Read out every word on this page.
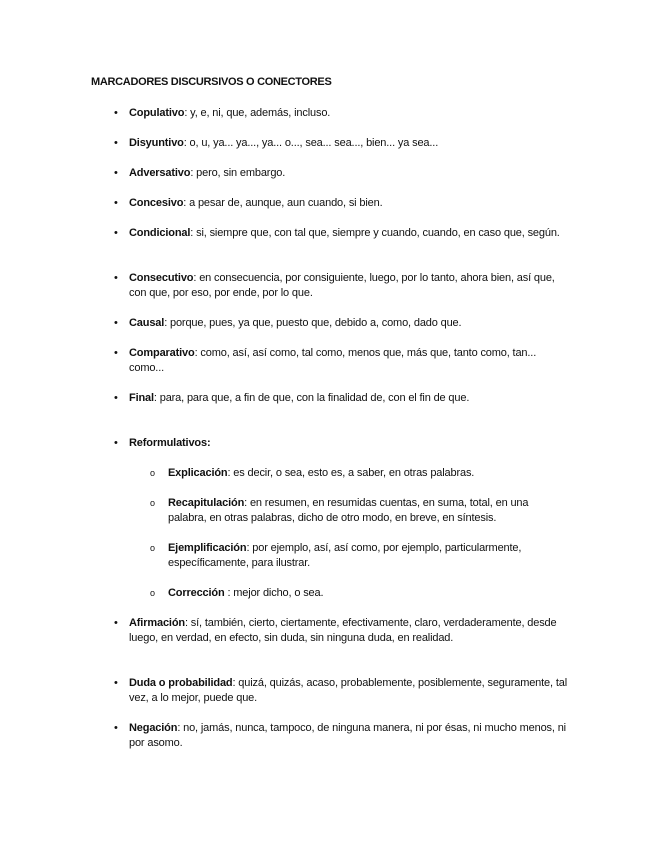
MARCADORES DISCURSIVOS O CONECTORES
•	Copulativo: y, e, ni, que, además, incluso.
•	Disyuntivo: o, u, ya... ya..., ya... o..., sea... sea..., bien... ya sea...
•	Adversativo: pero, sin embargo.
•	Concesivo: a pesar de, aunque, aun cuando, si bien.
•	Condicional: si, siempre que, con tal que, siempre y cuando, cuando, en caso que, según.
•	Consecutivo: en consecuencia, por consiguiente, luego, por lo tanto, ahora bien, así que, con que, por eso, por ende, por lo que.
•	Causal: porque, pues, ya que, puesto que, debido a, como, dado que.
•	Comparativo: como, así, así como, tal como, menos que, más que, tanto como, tan... como...
•	Final: para, para que, a fin de que, con la finalidad de, con el fin de que.
•	Reformulativos:
o	Explicación: es decir, o sea, esto es, a saber, en otras palabras.
o	Recapitulación: en resumen, en resumidas cuentas, en suma, total, en una palabra, en otras palabras, dicho de otro modo, en breve, en síntesis.
o	Ejemplificación: por ejemplo, así, así como, por ejemplo, particularmente, específicamente, para ilustrar.
o	Corrección : mejor dicho, o sea.
•	Afirmación: sí, también, cierto, ciertamente, efectivamente, claro, verdaderamente, desde luego, en verdad, en efecto, sin duda, sin ninguna duda, en realidad.
•	Duda o probabilidad: quizá, quizás, acaso, probablemente, posiblemente, seguramente, tal vez, a lo mejor, puede que.
•	Negación: no, jamás, nunca, tampoco, de ninguna manera, ni por ésas, ni mucho menos, ni por asomo.
